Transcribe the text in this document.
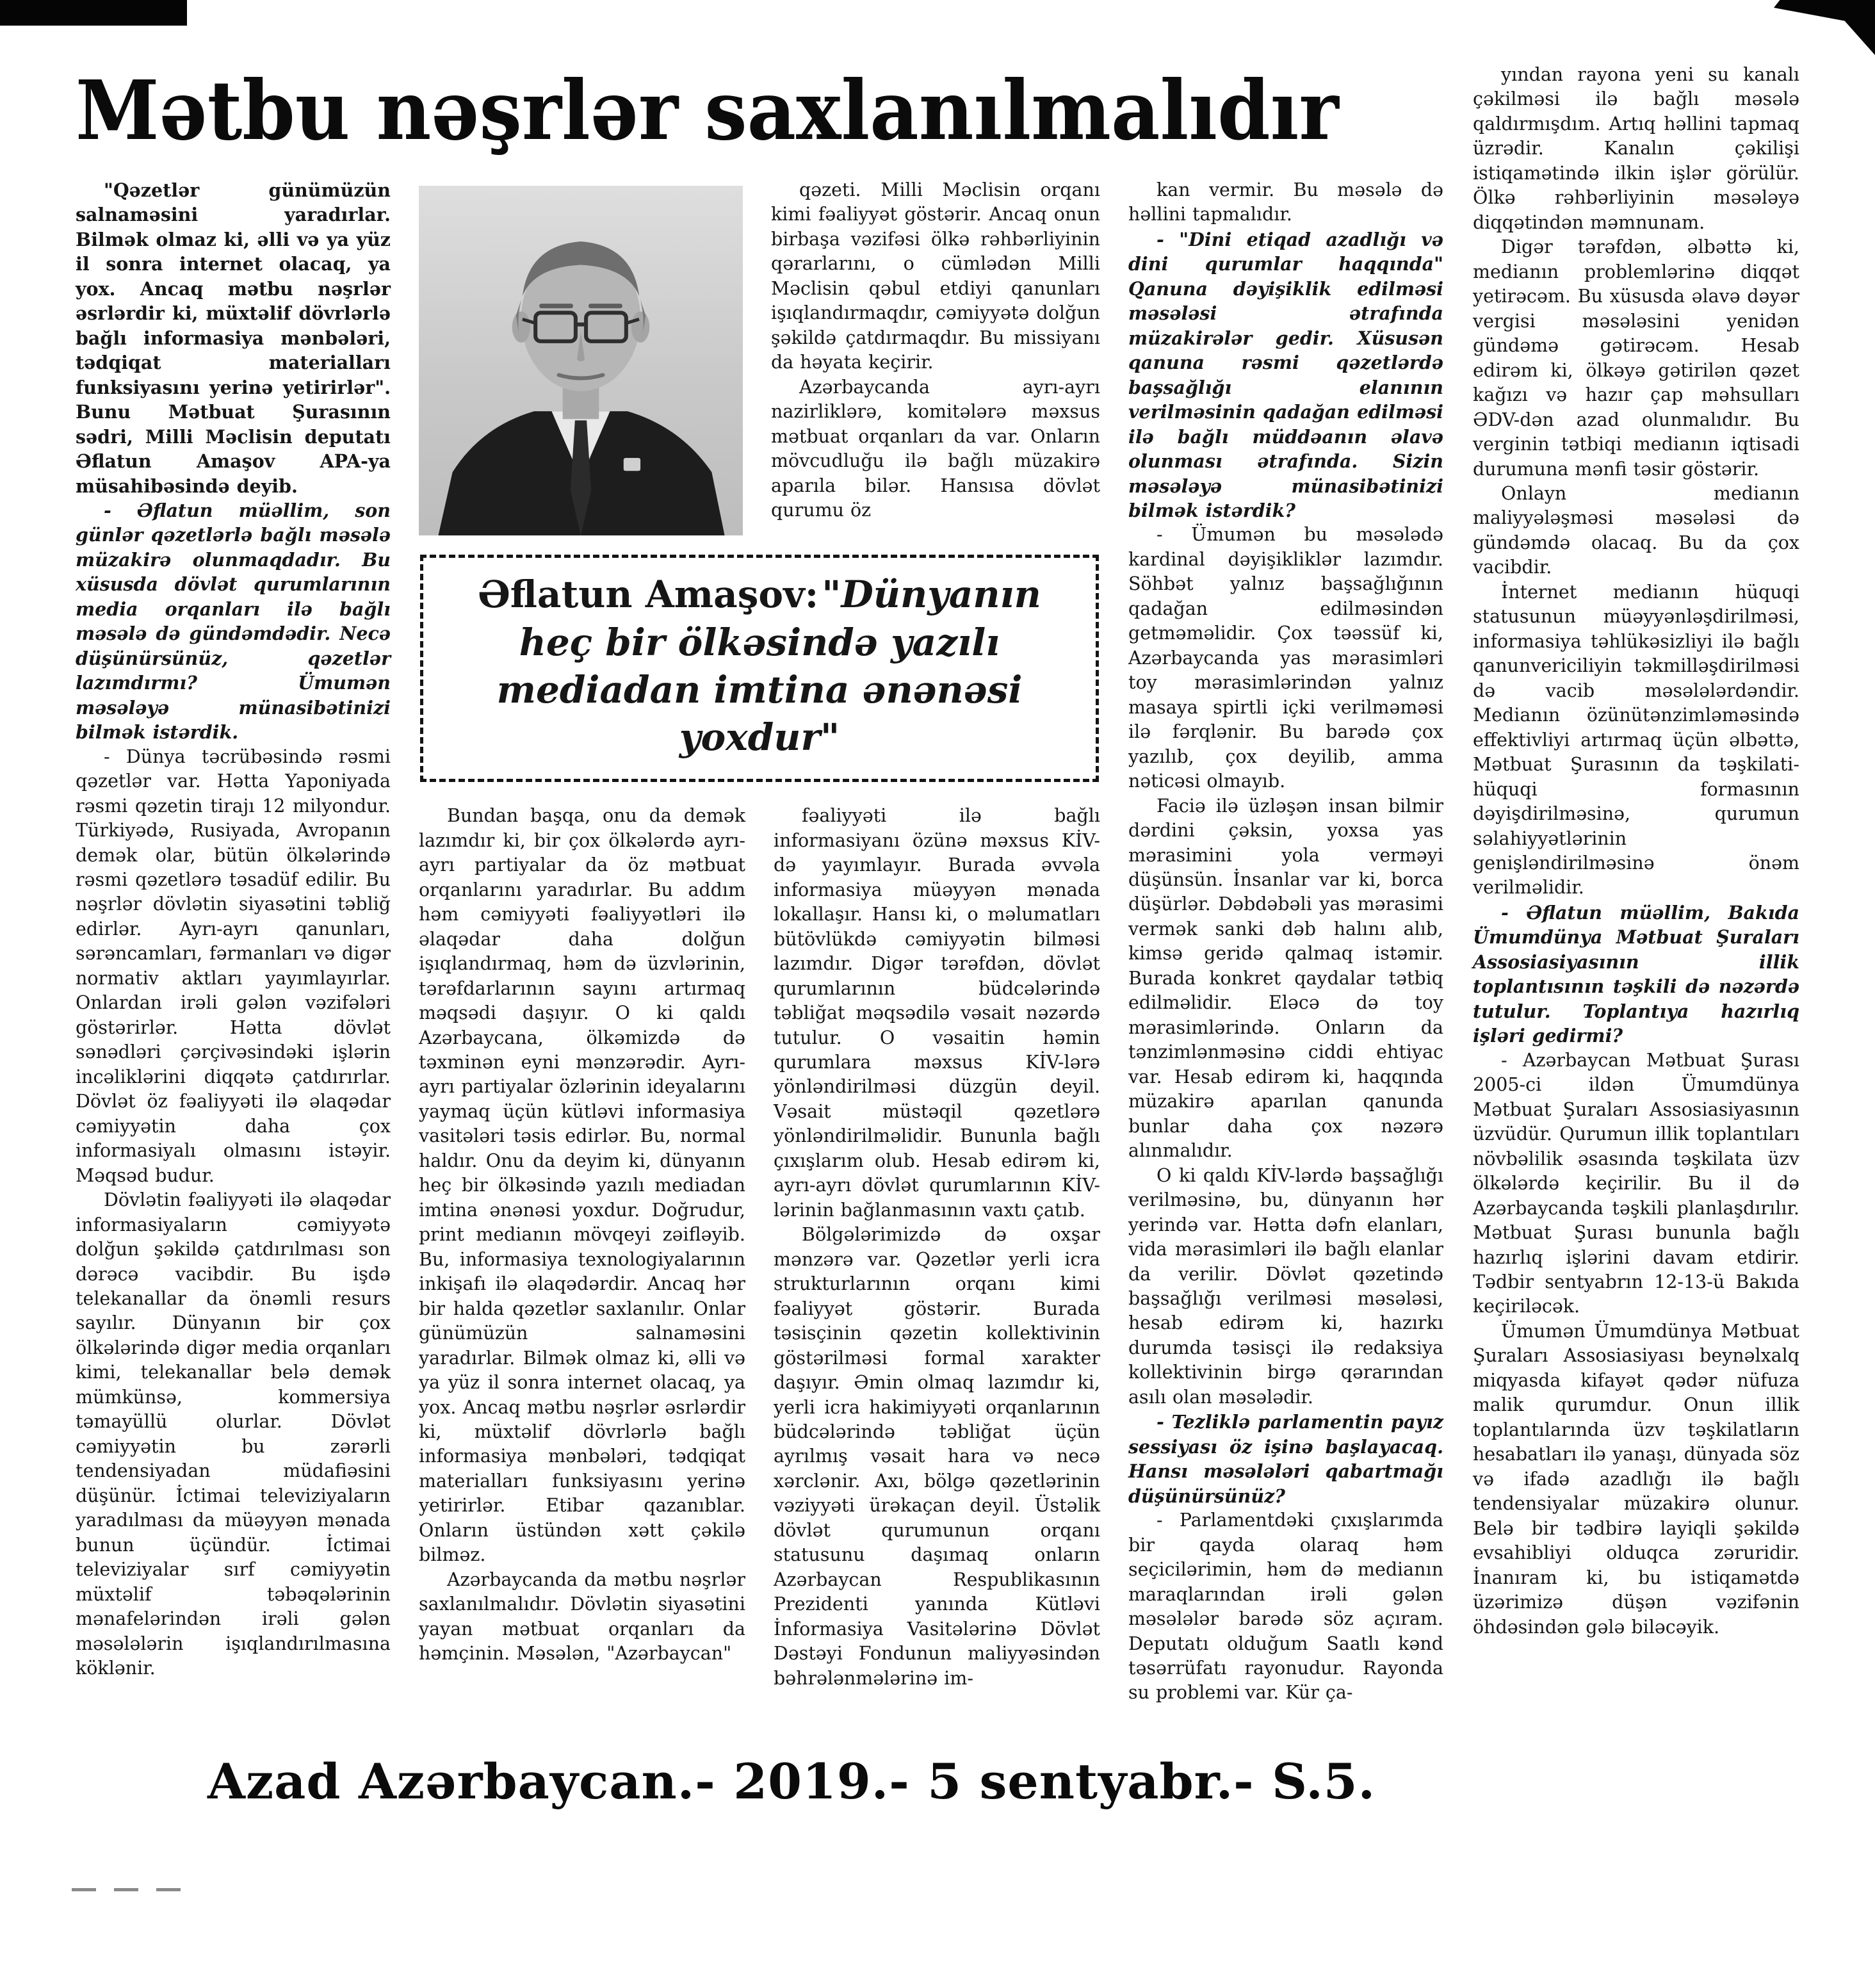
Mətbu nəşrlər saxlanılmalıdır

"Qəzetlər günümüzün salnaməsini yaradırlar. Bilmək olmaz ki, əlli və ya yüz il sonra internet olacaq, ya yox. Ancaq mətbu nəşrlər əsrlərdir ki, müxtəlif dövrlərlə bağlı informasiya mənbələri, tədqiqat materialları funksiyasını yerinə yetirirlər". Bunu Mətbuat Şurasının sədri, Milli Məclisin deputatı Əflatun Amaşov APA-ya müsahibəsində deyib.

- Əflatun müəllim, son günlər qəzetlərlə bağlı məsələ müzakirə olunmaqdadır. Bu xüsusda dövlət qurumlarının media orqanları ilə bağlı məsələ də gündəmdədir. Necə düşünürsünüz, qəzetlər lazımdırmı? Ümumən məsələyə münasibətinizi bilmək istərdik.

- Dünya təcrübəsində rəsmi qəzetlər var. Hətta Yaponiyada rəsmi qəzetin tirajı 12 milyondur. Türkiyədə, Rusiyada, Avropanın demək olar, bütün ölkələrində rəsmi qəzetlərə təsadüf edilir. Bu nəşrlər dövlətin siyasətini təbliğ edirlər. Ayrı-ayrı qanunları, sərəncamları, fərmanları və digər normativ aktları yayımlayırlar. Onlardan irəli gələn vəzifələri göstərirlər. Hətta dövlət sənədləri çərçivəsindəki işlərin incəliklərini diqqətə çatdırırlar. Dövlət öz fəaliyyəti ilə əlaqədar cəmiyyətin daha çox informasiyalı olmasını istəyir. Məqsəd budur.

Dövlətin fəaliyyəti ilə əlaqədar informasiyaların cəmiyyətə dolğun şəkildə çatdırılması son dərəcə vacibdir. Bu işdə telekanallar da önəmli resurs sayılır. Dünyanın bir çox ölkələrində digər media orqanları kimi, telekanallar belə demək mümkünsə, kommersiya təmayüllü olurlar. Dövlət cəmiyyətin bu zərərli tendensiyadan müdafiəsini düşünür. İctimai televiziyaların yaradılması da müəyyən mənada bunun üçündür. İctimai televiziyalar sırf cəmiyyətin müxtəlif təbəqələrinin mənafelərindən irəli gələn məsələlərin işıqlandırılmasına köklənir.

qəzeti. Milli Məclisin orqanı kimi fəaliyyət göstərir. Ancaq onun birbaşa vəzifəsi ölkə rəhbərliyinin qərarlarını, o cümlədən Milli Məclisin qəbul etdiyi qanunları işıqlandırmaqdır, cəmiyyətə dolğun şəkildə çatdırmaqdır. Bu missiyanı da həyata keçirir.

Azərbaycanda ayrı-ayrı nazirliklərə, komitələrə məxsus mətbuat orqanları da var. Onların mövcudluğu ilə bağlı müzakirə aparıla bilər. Hansısa dövlət qurumu öz

Əflatun Amaşov: "Dünyanın heç bir ölkəsində yazılı mediadan imtina ənənəsi yoxdur"

Bundan başqa, onu da demək lazımdır ki, bir çox ölkələrdə ayrı-ayrı partiyalar da öz mətbuat orqanlarını yaradırlar. Bu addım həm cəmiyyəti fəaliyyətləri ilə əlaqədar daha dolğun işıqlandırmaq, həm də üzvlərinin, tərəfdarlarının sayını artırmaq məqsədi daşıyır. O ki qaldı Azərbaycana, ölkəmizdə də təxminən eyni mənzərədir. Ayrı-ayrı partiyalar özlərinin ideyalarını yaymaq üçün kütləvi informasiya vasitələri təsis edirlər. Bu, normal haldır. Onu da deyim ki, dünyanın heç bir ölkəsində yazılı mediadan imtina ənənəsi yoxdur. Doğrudur, print medianın mövqeyi zəifləyib. Bu, informasiya texnologiyalarının inkişafı ilə əlaqədərdir. Ancaq hər bir halda qəzetlər saxlanılır. Onlar günümüzün salnaməsini yaradırlar. Bilmək olmaz ki, əlli və ya yüz il sonra internet olacaq, ya yox. Ancaq mətbu nəşrlər əsrlərdir ki, müxtəlif dövrlərlə bağlı informasiya mənbələri, tədqiqat materialları funksiyasını yerinə yetirirlər. Etibar qazanıblar. Onların üstündən xətt çəkilə bilməz.

Azərbaycanda da mətbu nəşrlər saxlanılmalıdır. Dövlətin siyasətini yayan mətbuat orqanları da həmçinin. Məsələn, "Azərbaycan"

fəaliyyəti ilə bağlı informasiyanı özünə məxsus KİV-də yayımlayır. Burada əvvəla informasiya müəyyən mənada lokallaşır. Hansı ki, o məlumatları bütövlükdə cəmiyyətin bilməsi lazımdır. Digər tərəfdən, dövlət qurumlarının büdcələrində təbliğat məqsədilə vəsait nəzərdə tutulur. O vəsaitin həmin qurumlara məxsus KİV-lərə yönləndirilməsi düzgün deyil. Vəsait müstəqil qəzetlərə yönləndirilməlidir. Bununla bağlı çıxışlarım olub. Hesab edirəm ki, ayrı-ayrı dövlət qurumlarının KİV-lərinin bağlanmasının vaxtı çatıb.

Bölgələrimizdə də oxşar mənzərə var. Qəzetlər yerli icra strukturlarının orqanı kimi fəaliyyət göstərir. Burada təsisçinin qəzetin kollektivinin göstərilməsi formal xarakter daşıyır. Əmin olmaq lazımdır ki, yerli icra hakimiyyəti orqanlarının büdcələrində təbliğat üçün ayrılmış vəsait hara və necə xərclənir. Axı, bölgə qəzetlərinin vəziyyəti ürəkaçan deyil. Üstəlik dövlət qurumunun orqanı statusunu daşımaq onların Azərbaycan Respublikasının Prezidenti yanında Kütləvi İnformasiya Vasitələrinə Dövlət Dəstəyi Fondunun maliyyəsindən bəhrələnmələrinə im-

kan vermir. Bu məsələ də həllini tapmalıdır.

- "Dini etiqad azadlığı və dini qurumlar haqqında" Qanuna dəyişiklik edilməsi məsələsi ətrafında müzakirələr gedir. Xüsusən qanuna rəsmi qəzetlərdə başsağlığı elanının verilməsinin qadağan edilməsi ilə bağlı müddəanın əlavə olunması ətrafında. Sizin məsələyə münasibətinizi bilmək istərdik?

- Ümumən bu məsələdə kardinal dəyişikliklər lazımdır. Söhbət yalnız başsağlığının qadağan edilməsindən getməməlidir. Çox təəssüf ki, Azərbaycanda yas mərasimləri toy mərasimlərindən yalnız masaya spirtli içki verilməməsi ilə fərqlənir. Bu barədə çox yazılıb, çox deyilib, amma nəticəsi olmayıb.

Faciə ilə üzləşən insan bilmir dərdini çəksin, yoxsa yas mərasimini yola verməyi düşünsün. İnsanlar var ki, borca düşürlər. Dəbdəbəli yas mərasimi vermək sanki dəb halını alıb, kimsə geridə qalmaq istəmir. Burada konkret qaydalar tətbiq edilməlidir. Eləcə də toy mərasimlərində. Onların da tənzimlənməsinə ciddi ehtiyac var. Hesab edirəm ki, haqqında müzakirə aparılan qanunda bunlar daha çox nəzərə alınmalıdır.

O ki qaldı KİV-lərdə başsağlığı verilməsinə, bu, dünyanın hər yerində var. Hətta dəfn elanları, vida mərasimləri ilə bağlı elanlar da verilir. Dövlət qəzetində başsağlığı verilməsi məsələsi, hesab edirəm ki, hazırkı durumda təsisçi ilə redaksiya kollektivinin birgə qərarından asılı olan məsələdir.

- Tezliklə parlamentin payız sessiyası öz işinə başlayacaq. Hansı məsələləri qabartmağı düşünürsünüz?

- Parlamentdəki çıxışlarımda bir qayda olaraq həm seçicilərimin, həm də medianın maraqlarından irəli gələn məsələlər barədə söz açıram. Deputatı olduğum Saatlı kənd təsərrüfatı rayonudur. Rayonda su problemi var. Kür ça-

yından rayona yeni su kanalı çəkilməsi ilə bağlı məsələ qaldırmışdım. Artıq həllini tapmaq üzrədir. Kanalın çəkilişi istiqamətində ilkin işlər görülür. Ölkə rəhbərliyinin məsələyə diqqətindən məmnunam.

Digər tərəfdən, əlbəttə ki, medianın problemlərinə diqqət yetirəcəm. Bu xüsusda əlavə dəyər vergisi məsələsini yenidən gündəmə gətirəcəm. Hesab edirəm ki, ölkəyə gətirilən qəzet kağızı və hazır çap məhsulları ƏDV-dən azad olunmalıdır. Bu verginin tətbiqi medianın iqtisadi durumuna mənfi təsir göstərir.

Onlayn medianın maliyyələşməsi məsələsi də gündəmdə olacaq. Bu da çox vacibdir.

İnternet medianın hüquqi statusunun müəyyənləşdirilməsi, informasiya təhlükəsizliyi ilə bağlı qanunvericiliyin təkmilləşdirilməsi də vacib məsələlərdəndir. Medianın özünütənzimləməsində effektivliyi artırmaq üçün əlbəttə, Mətbuat Şurasının da təşkilati-hüquqi formasının dəyişdirilməsinə, qurumun səlahiyyətlərinin genişləndirilməsinə önəm verilməlidir.

- Əflatun müəllim, Bakıda Ümumdünya Mətbuat Şuraları Assosiasiyasının illik toplantısının təşkili də nəzərdə tutulur. Toplantıya hazırlıq işləri gedirmi?

- Azərbaycan Mətbuat Şurası 2005-ci ildən Ümumdünya Mətbuat Şuraları Assosiasiyasının üzvüdür. Qurumun illik toplantıları növbəlilik əsasında təşkilata üzv ölkələrdə keçirilir. Bu il də Azərbaycanda təşkili planlaşdırılır. Mətbuat Şurası bununla bağlı hazırlıq işlərini davam etdirir. Tədbir sentyabrın 12-13-ü Bakıda keçiriləcək.

Ümumən Ümumdünya Mətbuat Şuraları Assosiasiyası beynəlxalq miqyasda kifayət qədər nüfuza malik qurumdur. Onun illik toplantılarında üzv təşkilatların hesabatları ilə yanaşı, dünyada söz və ifadə azadlığı ilə bağlı tendensiyalar müzakirə olunur. Belə bir tədbirə layiqli şəkildə evsahibliyi olduqca zəruridir. İnanıram ki, bu istiqamətdə üzərimizə düşən vəzifənin öhdəsindən gələ biləcəyik.

Azad Azərbaycan.- 2019.- 5 sentyabr.- S.5.
